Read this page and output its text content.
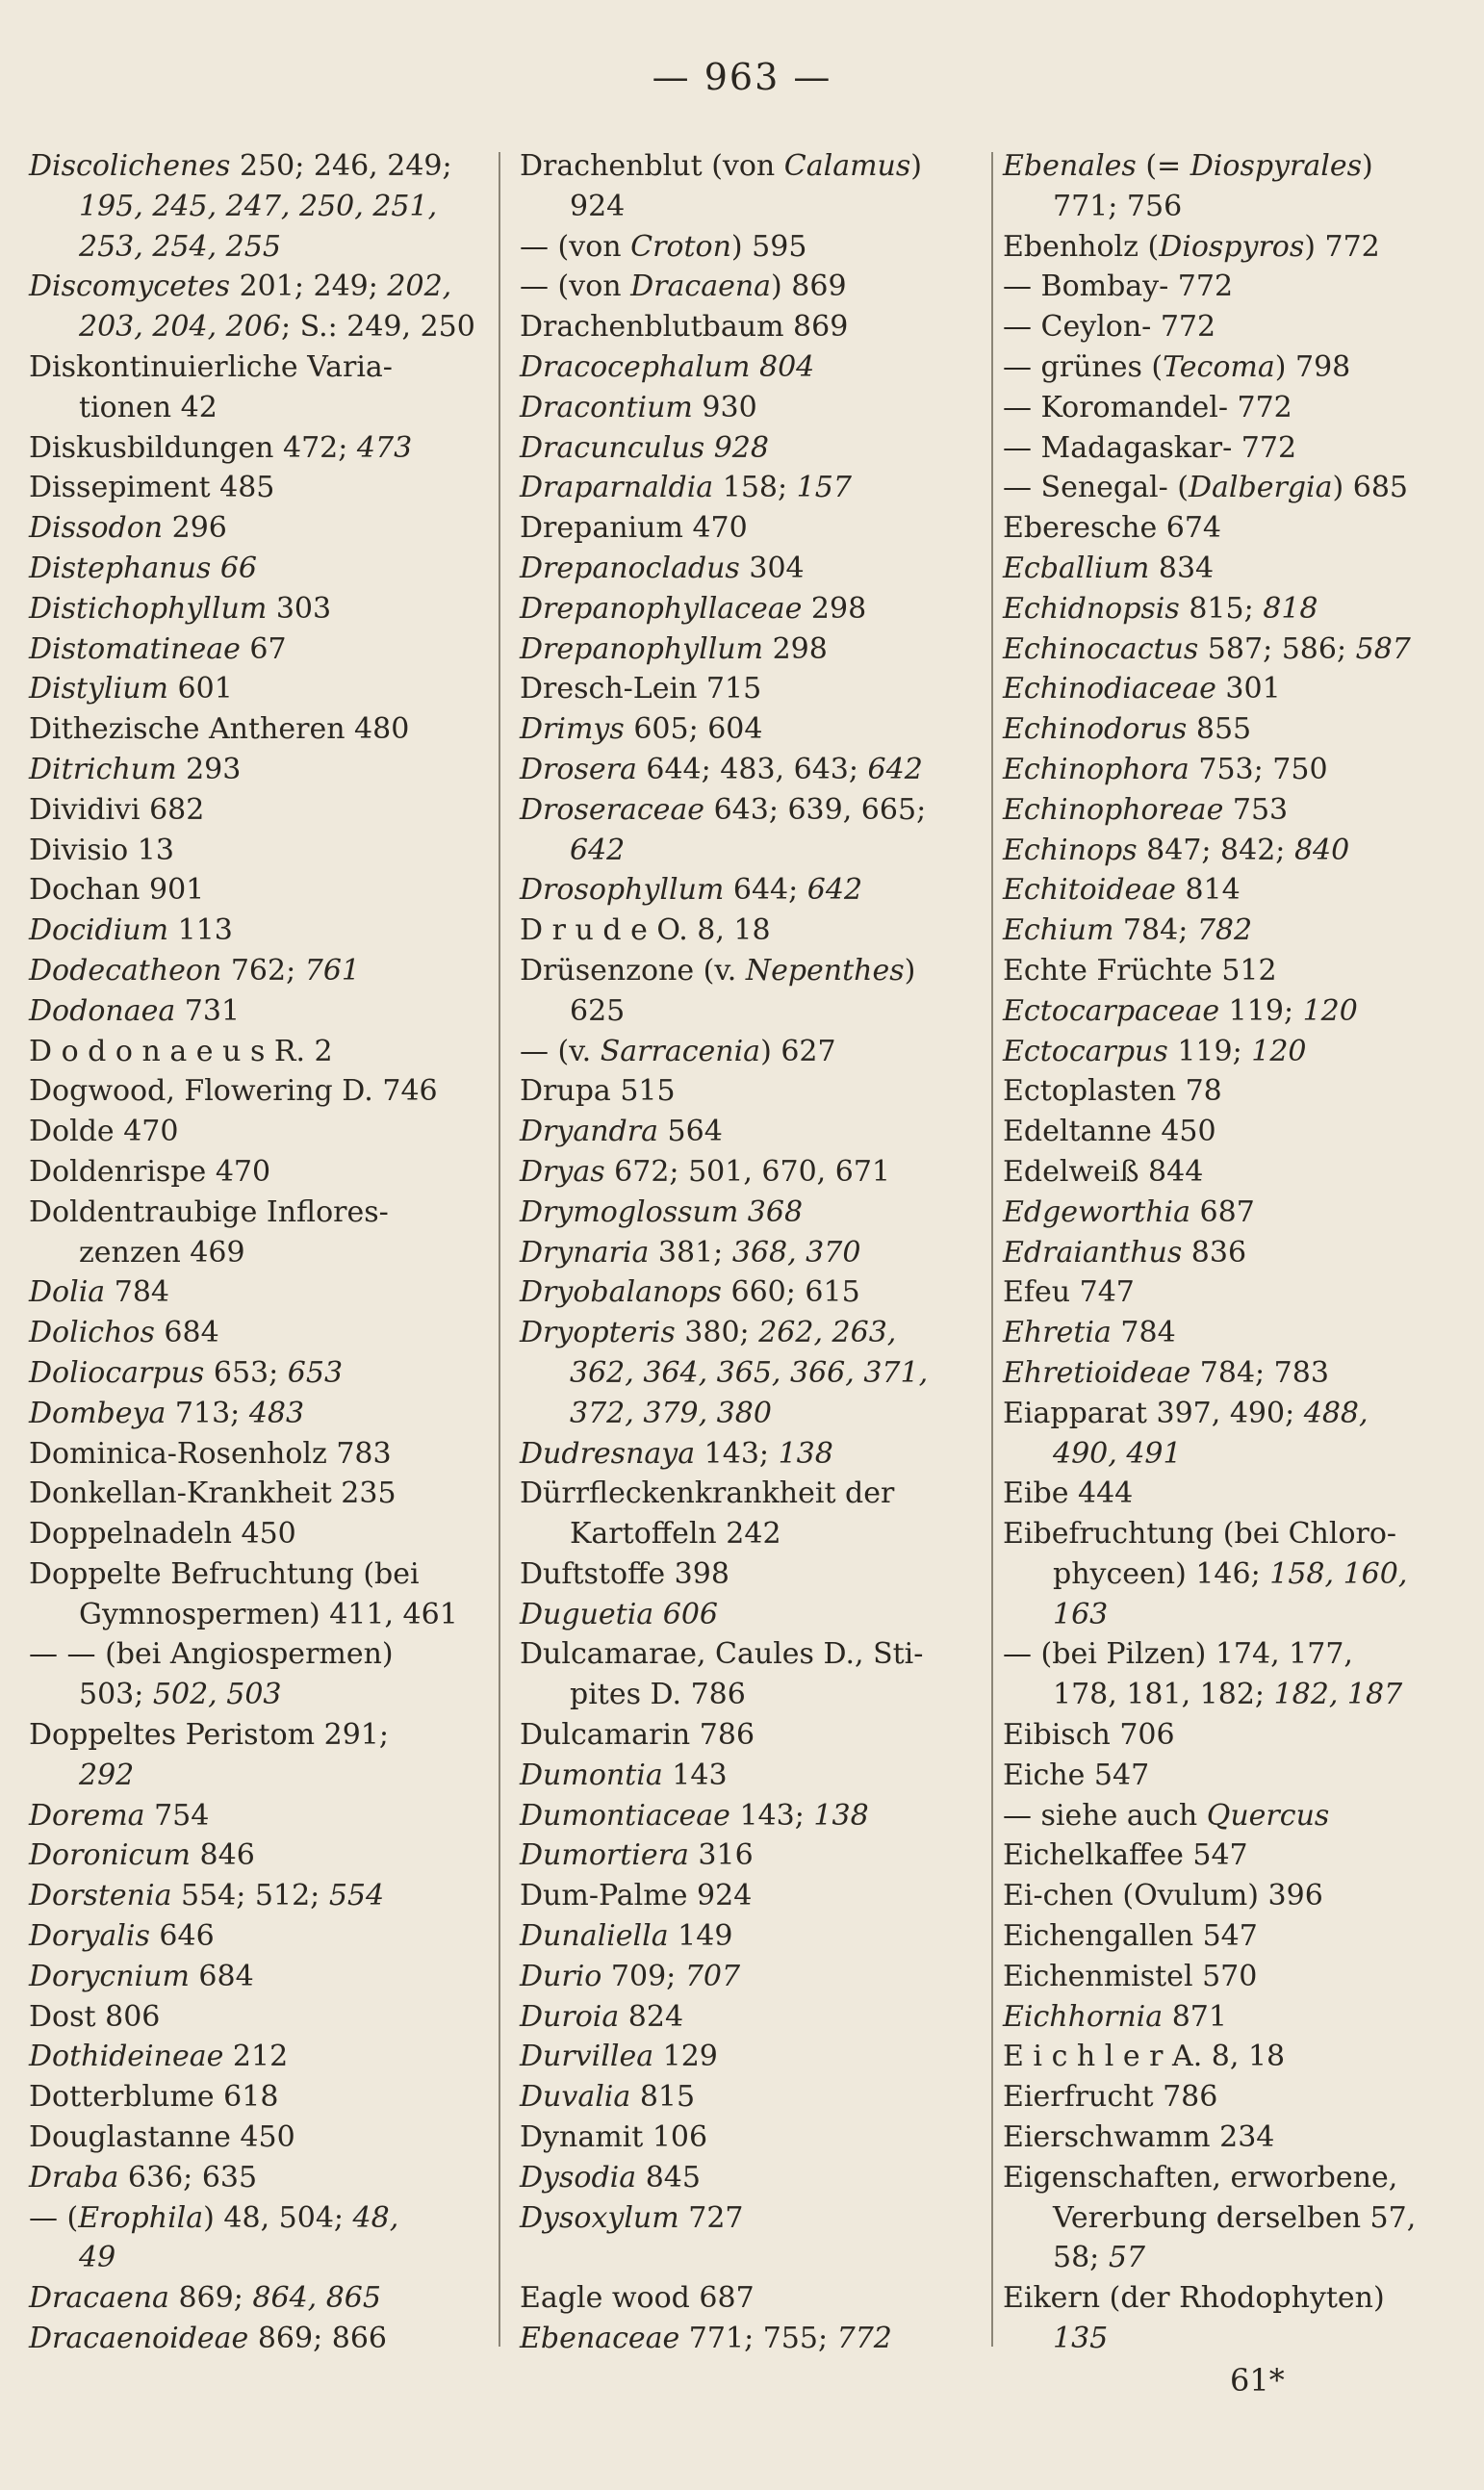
— 963 —
Discolichenes 250; 246, 249;
195, 245, 247, 250, 251,
253, 254, 255
Discomycetes 201; 249; 202,
203, 204, 206; S.: 249, 250
Diskontinuierliche Varia-
tionen 42
Diskusbildungen 472; 473
Dissepiment 485
Dissodon 296
Distephanus 66
Distichophyllum 303
Distomatineae 67
Distylium 601
Dithezische Antheren 480
Ditrichum 293
Dividivi 682
Divisio 13
Dochan 901
Docidium 113
Dodecatheon 762; 761
Dodonaea 731
D o d o n a e u s R. 2
Dogwood, Flowering D. 746
Dolde 470
Doldenrispe 470
Doldentraubige Inflores-
zenzen 469
Dolia 784
Dolichos 684
Doliocarpus 653; 653
Dombeya 713; 483
Dominica-Rosenholz 783
Donkellan-Krankheit 235
Doppelnadeln 450
Doppelte Befruchtung (bei
Gymnospermen) 411, 461
— — (bei Angiospermen)
503; 502, 503
Doppeltes Peristom 291;
292
Dorema 754
Doronicum 846
Dorstenia 554; 512; 554
Doryalis 646
Dorycnium 684
Dost 806
Dothideineae 212
Dotterblume 618
Douglastanne 450
Draba 636; 635
— (Erophila) 48, 504; 48,
49
Dracaena 869; 864, 865
Dracaenoideae 869; 866
Drachenblut (von Calamus)
924
— (von Croton) 595
— (von Dracaena) 869
Drachenblutbaum 869
Dracocephalum 804
Dracontium 930
Dracunculus 928
Draparnaldia 158; 157
Drepanium 470
Drepanocladus 304
Drepanophyllaceae 298
Drepanophyllum 298
Dresch-Lein 715
Drimys 605; 604
Drosera 644; 483, 643; 642
Droseraceae 643; 639, 665;
642
Drosophyllum 644; 642
D r u d e O. 8, 18
Drüsenzone (v. Nepenthes)
625
— (v. Sarracenia) 627
Drupa 515
Dryandra 564
Dryas 672; 501, 670, 671
Drymoglossum 368
Drynaria 381; 368, 370
Dryobalanops 660; 615
Dryopteris 380; 262, 263,
362, 364, 365, 366, 371,
372, 379, 380
Dudresnaya 143; 138
Dürrfleckenkrankheit der
Kartoffeln 242
Duftstoffe 398
Duguetia 606
Dulcamarae, Caules D., Sti-
pites D. 786
Dulcamarin 786
Dumontia 143
Dumontiaceae 143; 138
Dumortiera 316
Dum-Palme 924
Dunaliella 149
Durio 709; 707
Duroia 824
Durvillea 129
Duvalia 815
Dynamit 106
Dysodia 845
Dysoxylum 727
Eagle wood 687
Ebenaceae 771; 755; 772
Ebenales (= Diospyrales)
771; 756
Ebenholz (Diospyros) 772
— Bombay- 772
— Ceylon- 772
— grünes (Tecoma) 798
— Koromandel- 772
— Madagaskar- 772
— Senegal- (Dalbergia) 685
Eberesche 674
Ecballium 834
Echidnopsis 815; 818
Echinocactus 587; 586; 587
Echinodiaceae 301
Echinodorus 855
Echinophora 753; 750
Echinophoreae 753
Echinops 847; 842; 840
Echitoideae 814
Echium 784; 782
Echte Früchte 512
Ectocarpaceae 119; 120
Ectocarpus 119; 120
Ectoplasten 78
Edeltanne 450
Edelweiß 844
Edgeworthia 687
Edraianthus 836
Efeu 747
Ehretia 784
Ehretioideae 784; 783
Eiapparat 397, 490; 488,
490, 491
Eibe 444
Eibefruchtung (bei Chloro-
phyceen) 146; 158, 160,
163
— (bei Pilzen) 174, 177,
178, 181, 182; 182, 187
Eibisch 706
Eiche 547
— siehe auch Quercus
Eichelkaffee 547
Ei-chen (Ovulum) 396
Eichengallen 547
Eichenmistel 570
Eichhornia 871
E i c h l e r A. 8, 18
Eierfrucht 786
Eierschwamm 234
Eigenschaften, erworbene,
Vererbung derselben 57,
58; 57
Eikern (der Rhodophyten)
135
61*
